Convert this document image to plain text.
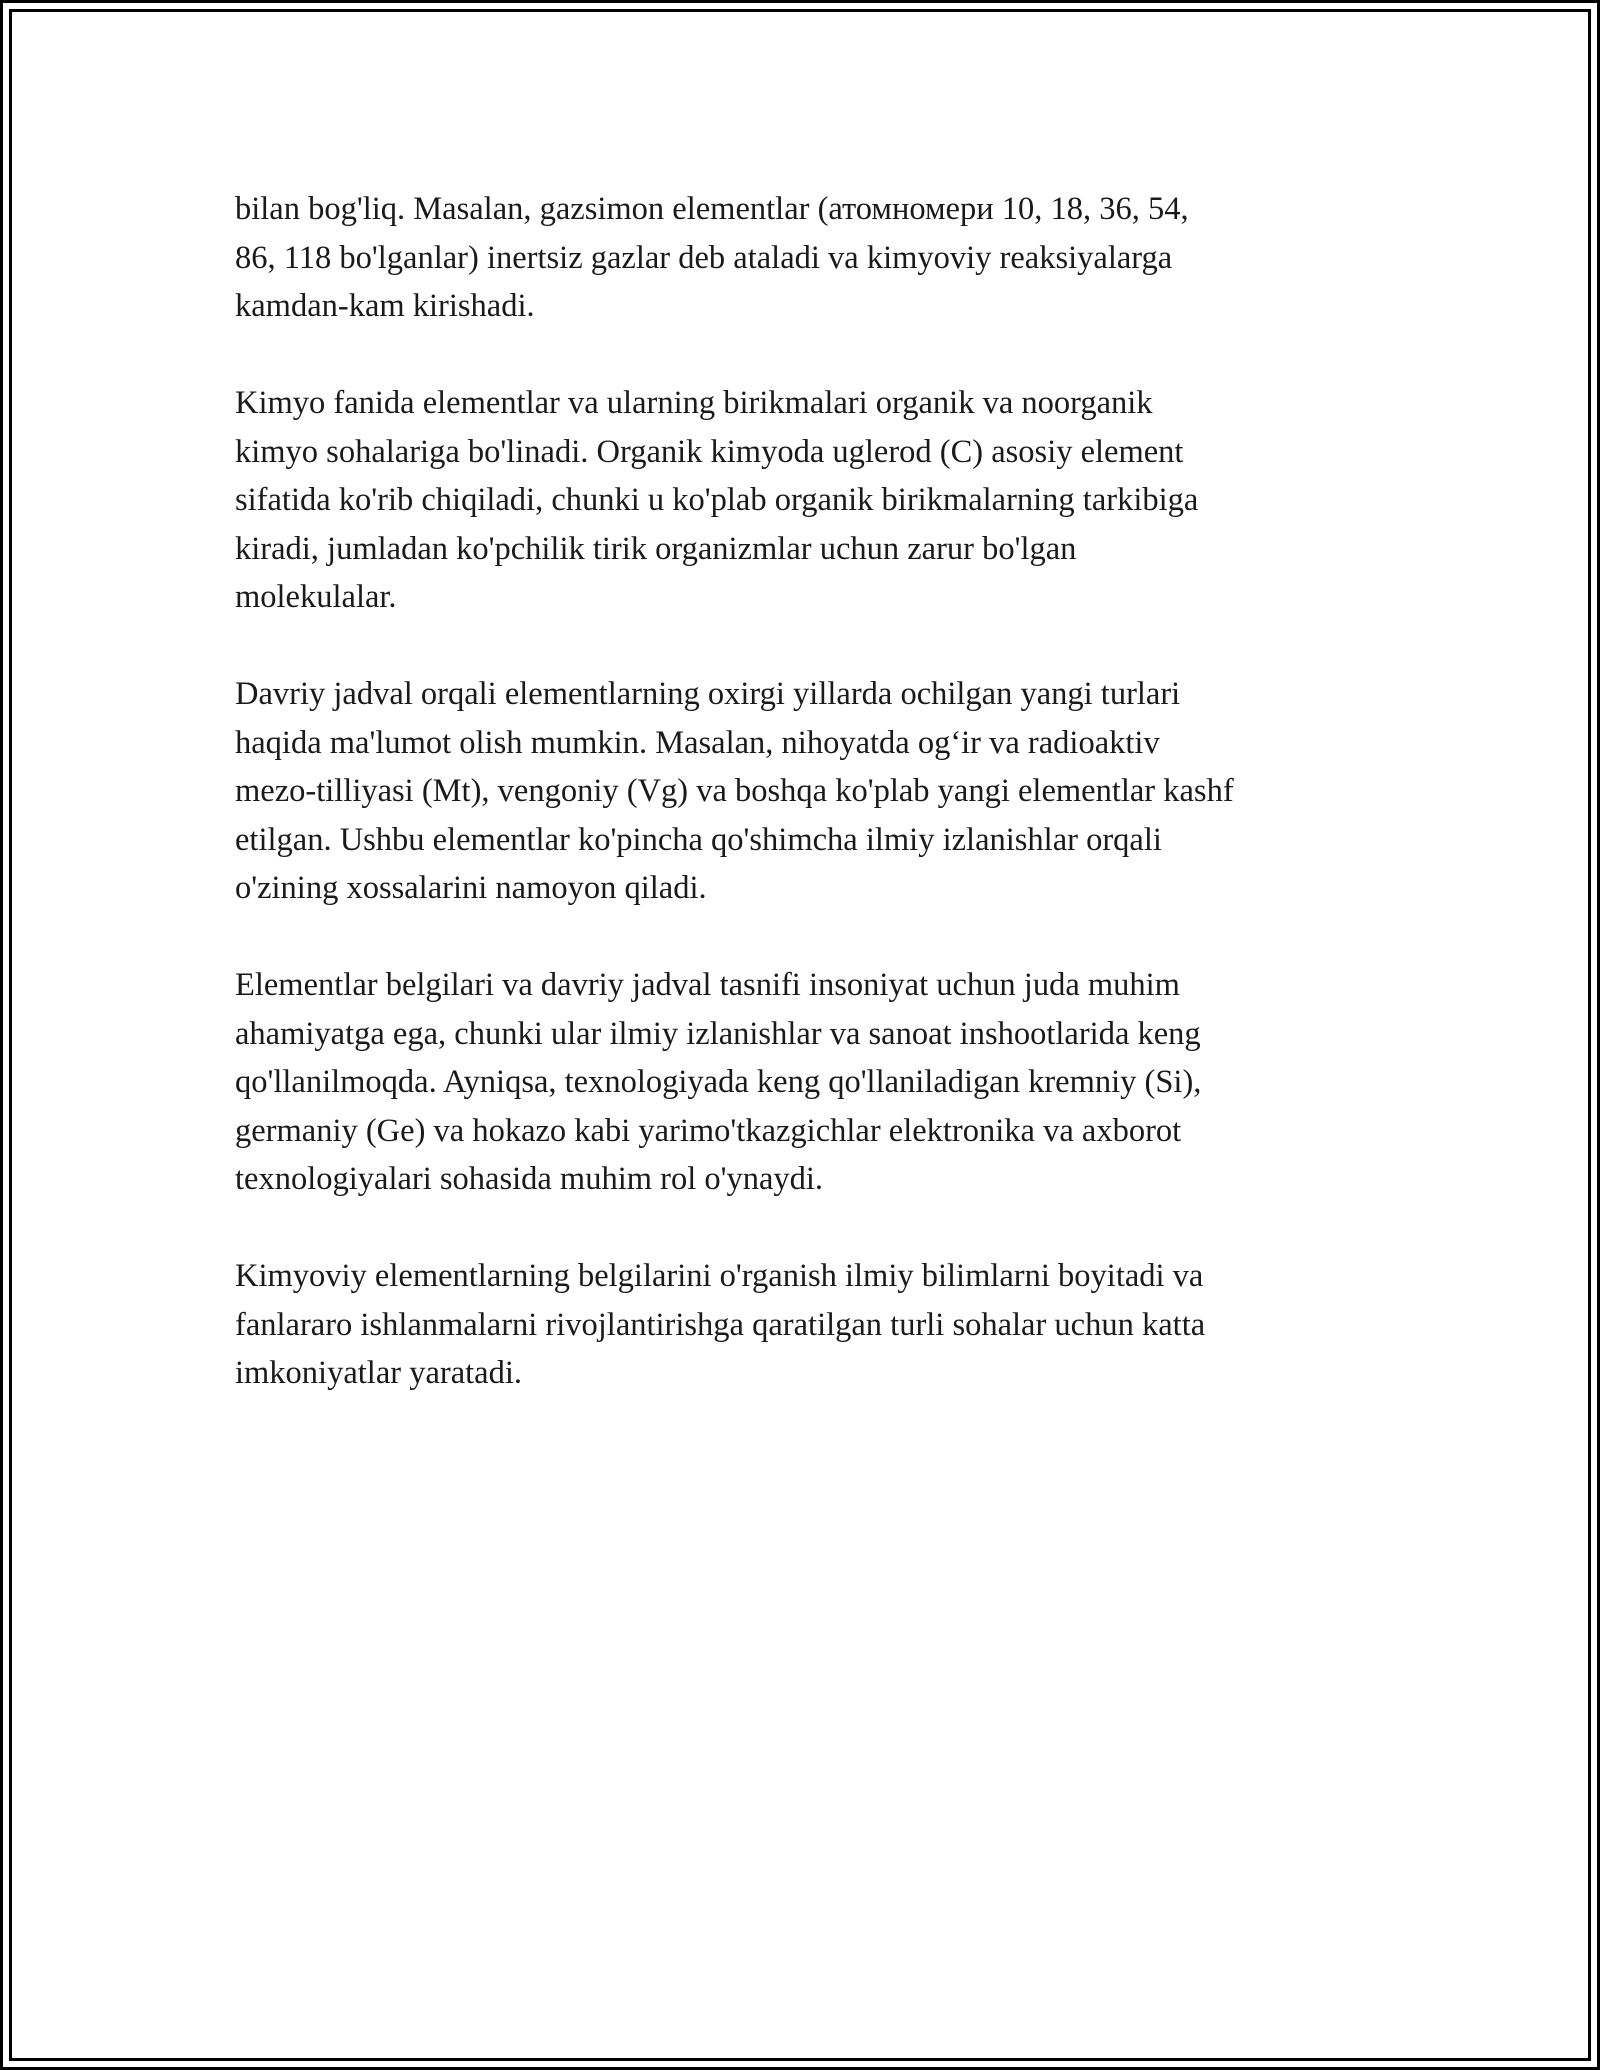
bilan bog'liq. Masalan, gazsimon elementlar (атомномери 10, 18, 36, 54,
86, 118 bo'lganlar) inertsiz gazlar deb ataladi va kimyoviy reaksiyalarga
kamdan-kam kirishadi.

Kimyo fanida elementlar va ularning birikmalari organik va noorganik
kimyo sohalariga bo'linadi. Organik kimyoda uglerod (C) asosiy element
sifatida ko'rib chiqiladi, chunki u ko'plab organik birikmalarning tarkibiga
kiradi, jumladan ko'pchilik tirik organizmlar uchun zarur bo'lgan
molekulalar.

Davriy jadval orqali elementlarning oxirgi yillarda ochilgan yangi turlari
haqida ma'lumot olish mumkin. Masalan, nihoyatda og‘ir va radioaktiv
mezo-tilliyasi (Mt), vengoniy (Vg) va boshqa ko'plab yangi elementlar kashf
etilgan. Ushbu elementlar ko'pincha qo'shimcha ilmiy izlanishlar orqali
o'zining xossalarini namoyon qiladi.

Elementlar belgilari va davriy jadval tasnifi insoniyat uchun juda muhim
ahamiyatga ega, chunki ular ilmiy izlanishlar va sanoat inshootlarida keng
qo'llanilmoqda. Ayniqsa, texnologiyada keng qo'llaniladigan kremniy (Si),
germaniy (Ge) va hokazo kabi yarimo'tkazgichlar elektronika va axborot
texnologiyalari sohasida muhim rol o'ynaydi.

Kimyoviy elementlarning belgilarini o'rganish ilmiy bilimlarni boyitadi va
fanlararo ishlanmalarni rivojlantirishga qaratilgan turli sohalar uchun katta
imkoniyatlar yaratadi.
